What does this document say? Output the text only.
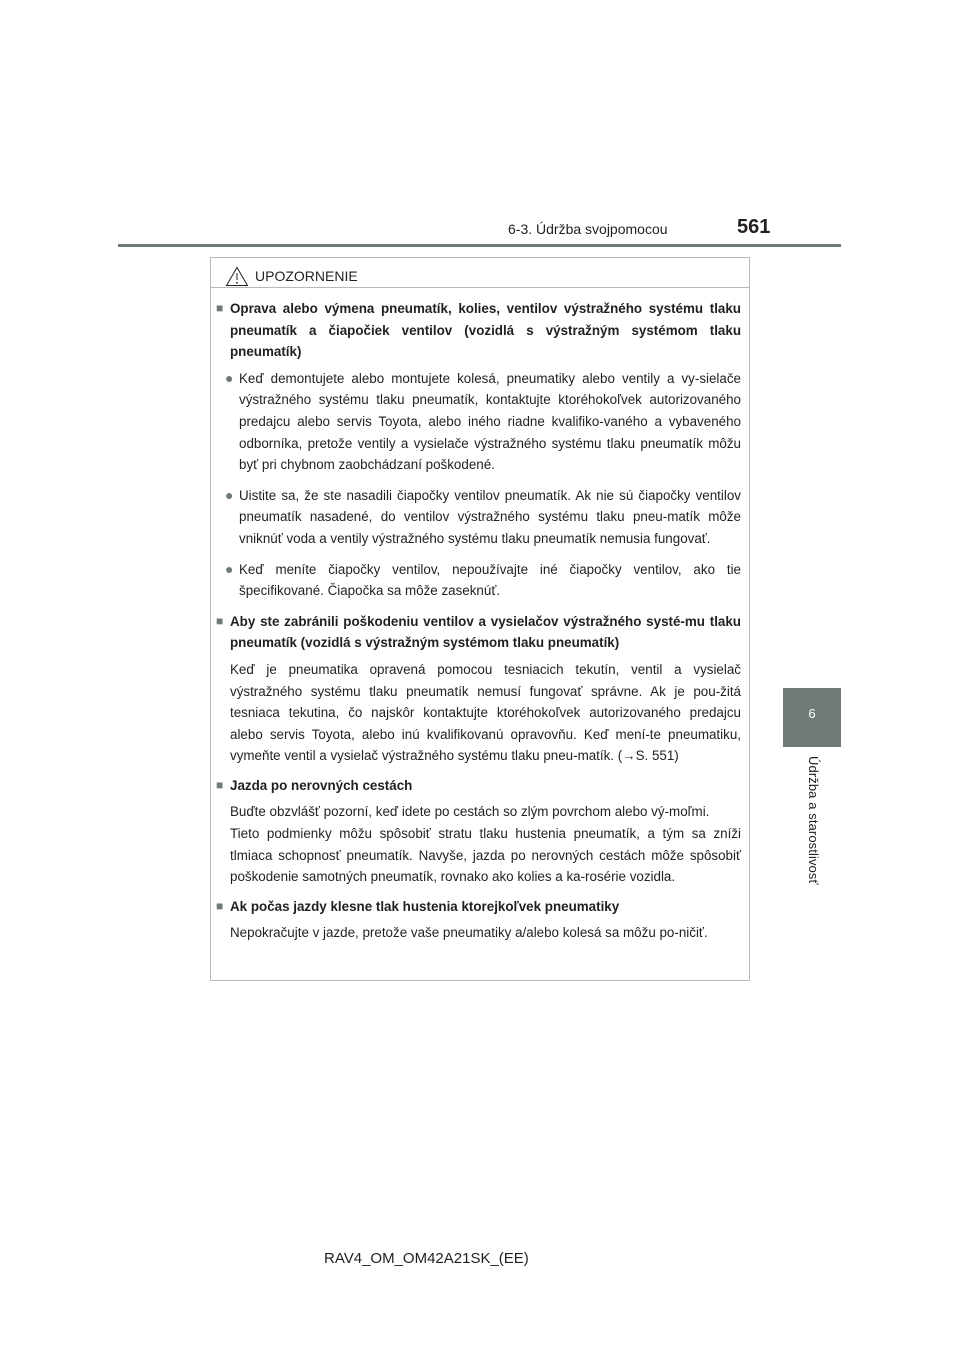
6-3. Údržba svojpomocou	561
6
Údržba a starostlivosť
UPOZORNENIE
■ Oprava alebo výmena pneumatík, kolies, ventilov výstražného systému tlaku pneumatík a čiapočiek ventilov (vozidlá s výstražným systémom tlaku pneumatík)
● Keď demontujete alebo montujete kolesá, pneumatiky alebo ventily a vy-sielače výstražného systému tlaku pneumatík, kontaktujte ktoréhokoľvek autorizovaného predajcu alebo servis Toyota, alebo iného riadne kvalifiko-vaného a vybaveného odborníka, pretože ventily a vysielače výstražného systému tlaku pneumatík môžu byť pri chybnom zaobchádzaní poškodené.
● Uistite sa, že ste nasadili čiapočky ventilov pneumatík. Ak nie sú čiapočky ventilov pneumatík nasadené, do ventilov výstražného systému tlaku pneu-matík môže vniknúť voda a ventily výstražného systému tlaku pneumatík nemusia fungovať.
● Keď meníte čiapočky ventilov, nepoužívajte iné čiapočky ventilov, ako tie špecifikované. Čiapočka sa môže zaseknúť.
■ Aby ste zabránili poškodeniu ventilov a vysielačov výstražného systé-mu tlaku pneumatík (vozidlá s výstražným systémom tlaku pneumatík)
Keď je pneumatika opravená pomocou tesniacich tekutín, ventil a vysielač výstražného systému tlaku pneumatík nemusí fungovať správne. Ak je pou-žitá tesniaca tekutina, čo najskôr kontaktujte ktoréhokoľvek autorizovaného predajcu alebo servis Toyota, alebo inú kvalifikovanú opravovňu. Keď mení-te pneumatiku, vymeňte ventil a vysielač výstražného systému tlaku pneu-matík. (→S. 551)
■ Jazda po nerovných cestách
Buďte obzvlášť pozorní, keď idete po cestách so zlým povrchom alebo vý-moľmi.
Tieto podmienky môžu spôsobiť stratu tlaku hustenia pneumatík, a tým sa zníži tlmiaca schopnosť pneumatík. Navyše, jazda po nerovných cestách môže spôsobiť poškodenie samotných pneumatík, rovnako ako kolies a ka-rosérie vozidla.
■ Ak počas jazdy klesne tlak hustenia ktorejkoľvek pneumatiky
Nepokračujte v jazde, pretože vaše pneumatiky a/alebo kolesá sa môžu po-ničiť.
RAV4_OM_OM42A21SK_(EE)
